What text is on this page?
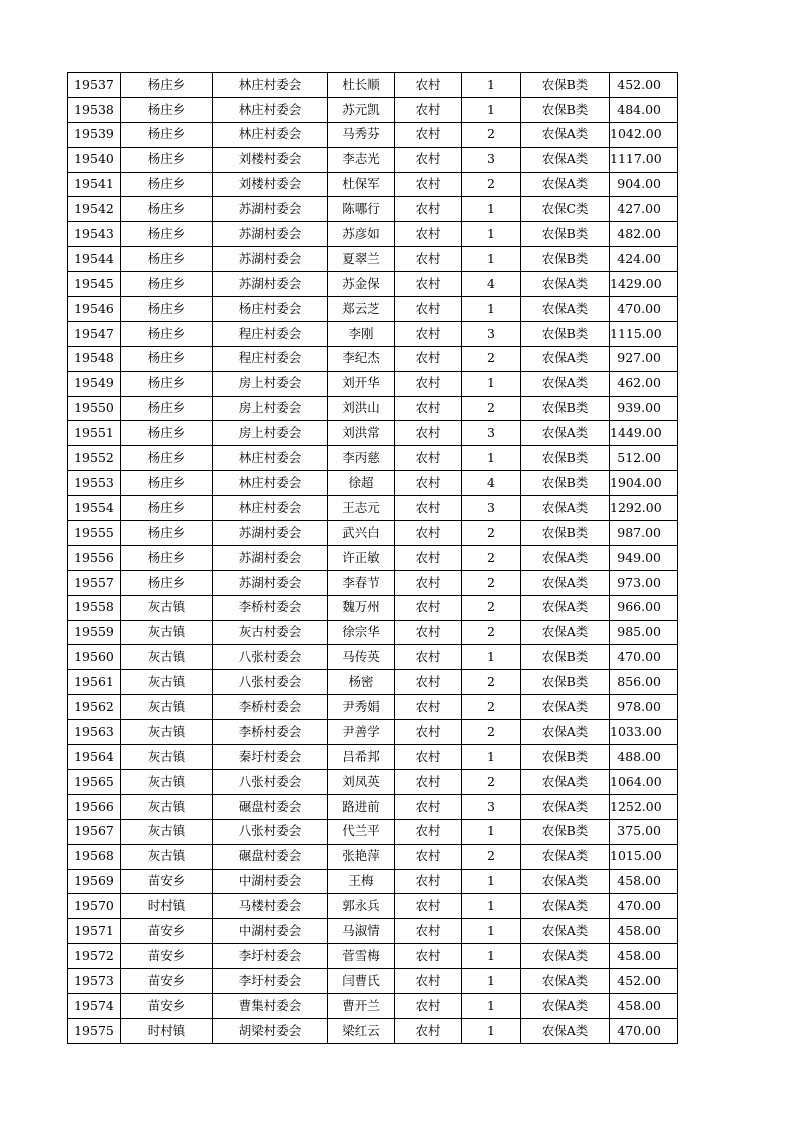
19537	杨庄乡	林庄村委会	杜长顺	农村	1	农保B类	452.00
19538	杨庄乡	林庄村委会	苏元凯	农村	1	农保B类	484.00
19539	杨庄乡	林庄村委会	马秀芬	农村	2	农保A类	1042.00
19540	杨庄乡	刘楼村委会	李志光	农村	3	农保A类	1117.00
19541	杨庄乡	刘楼村委会	杜保军	农村	2	农保A类	904.00
19542	杨庄乡	苏湖村委会	陈哪行	农村	1	农保C类	427.00
19543	杨庄乡	苏湖村委会	苏彦如	农村	1	农保B类	482.00
19544	杨庄乡	苏湖村委会	夏翠兰	农村	1	农保B类	424.00
19545	杨庄乡	苏湖村委会	苏金保	农村	4	农保A类	1429.00
19546	杨庄乡	杨庄村委会	郑云芝	农村	1	农保A类	470.00
19547	杨庄乡	程庄村委会	李刚	农村	3	农保B类	1115.00
19548	杨庄乡	程庄村委会	李纪杰	农村	2	农保A类	927.00
19549	杨庄乡	房上村委会	刘开华	农村	1	农保A类	462.00
19550	杨庄乡	房上村委会	刘洪山	农村	2	农保B类	939.00
19551	杨庄乡	房上村委会	刘洪常	农村	3	农保A类	1449.00
19552	杨庄乡	林庄村委会	李丙慈	农村	1	农保B类	512.00
19553	杨庄乡	林庄村委会	徐超	农村	4	农保B类	1904.00
19554	杨庄乡	林庄村委会	王志元	农村	3	农保A类	1292.00
19555	杨庄乡	苏湖村委会	武兴白	农村	2	农保B类	987.00
19556	杨庄乡	苏湖村委会	许正敏	农村	2	农保A类	949.00
19557	杨庄乡	苏湖村委会	李春节	农村	2	农保A类	973.00
19558	灰古镇	李桥村委会	魏万州	农村	2	农保A类	966.00
19559	灰古镇	灰古村委会	徐宗华	农村	2	农保A类	985.00
19560	灰古镇	八张村委会	马传英	农村	1	农保B类	470.00
19561	灰古镇	八张村委会	杨密	农村	2	农保B类	856.00
19562	灰古镇	李桥村委会	尹秀娟	农村	2	农保A类	978.00
19563	灰古镇	李桥村委会	尹善学	农村	2	农保A类	1033.00
19564	灰古镇	秦圩村委会	吕希邦	农村	1	农保B类	488.00
19565	灰古镇	八张村委会	刘凤英	农村	2	农保A类	1064.00
19566	灰古镇	碾盘村委会	路进前	农村	3	农保A类	1252.00
19567	灰古镇	八张村委会	代兰平	农村	1	农保B类	375.00
19568	灰古镇	碾盘村委会	张艳萍	农村	2	农保A类	1015.00
19569	苗安乡	中湖村委会	王梅	农村	1	农保A类	458.00
19570	时村镇	马楼村委会	郭永兵	农村	1	农保A类	470.00
19571	苗安乡	中湖村委会	马淑情	农村	1	农保A类	458.00
19572	苗安乡	李圩村委会	菅雪梅	农村	1	农保A类	458.00
19573	苗安乡	李圩村委会	闫曹氏	农村	1	农保A类	452.00
19574	苗安乡	曹集村委会	曹开兰	农村	1	农保A类	458.00
19575	时村镇	胡梁村委会	梁红云	农村	1	农保A类	470.00
